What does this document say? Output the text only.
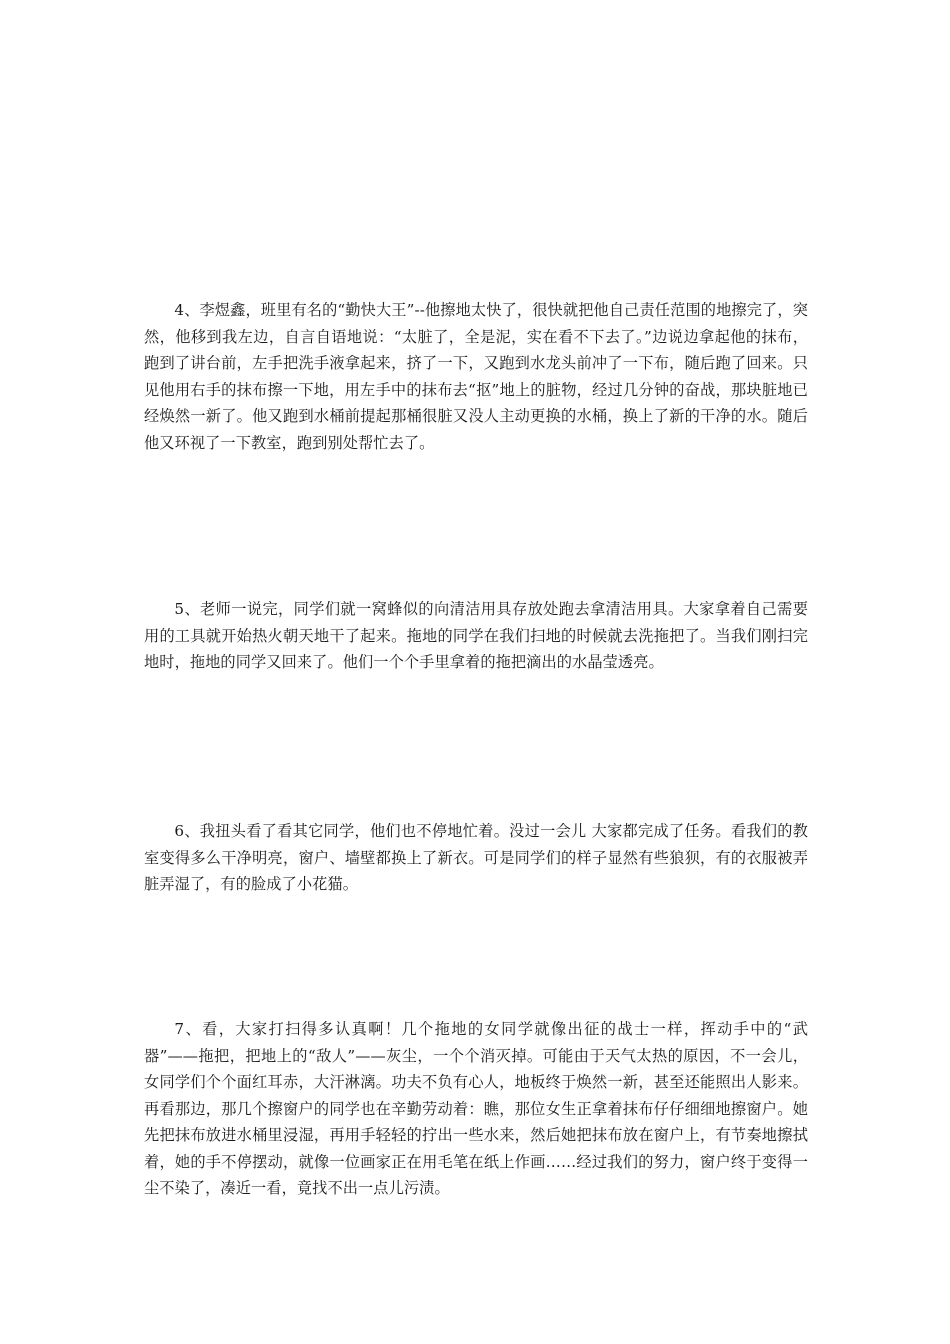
4、李煜鑫，班里有名的“勤快大王”--他擦地太快了，很快就把他自己责任范围的地擦完了，突然，他移到我左边，自言自语地说：“太脏了，全是泥，实在看不下去了。”边说边拿起他的抹布，跑到了讲台前，左手把洗手液拿起来，挤了一下，又跑到水龙头前冲了一下布，随后跑了回来。只见他用右手的抹布擦一下地，用左手中的抹布去“抠”地上的脏物，经过几分钟的奋战，那块脏地已经焕然一新了。他又跑到水桶前提起那桶很脏又没人主动更换的水桶，换上了新的干净的水。随后他又环视了一下教室，跑到别处帮忙去了。

5、老师一说完，同学们就一窝蜂似的向清洁用具存放处跑去拿清洁用具。大家拿着自己需要用的工具就开始热火朝天地干了起来。拖地的同学在我们扫地的时候就去洗拖把了。当我们刚扫完地时，拖地的同学又回来了。他们一个个手里拿着的拖把滴出的水晶莹透亮。

6、我扭头看了看其它同学，他们也不停地忙着。没过一会儿 大家都完成了任务。看我们的教室变得多么干净明亮，窗户、墙壁都换上了新衣。可是同学们的样子显然有些狼狈，有的衣服被弄脏弄湿了，有的脸成了小花猫。

7、看，大家打扫得多认真啊！几个拖地的女同学就像出征的战士一样，挥动手中的“武器”——拖把，把地上的“敌人”——灰尘，一个个消灭掉。可能由于天气太热的原因，不一会儿，女同学们个个面红耳赤，大汗淋漓。功夫不负有心人，地板终于焕然一新，甚至还能照出人影来。再看那边，那几个擦窗户的同学也在辛勤劳动着：瞧，那位女生正拿着抹布仔仔细细地擦窗户。她先把抹布放进水桶里浸湿，再用手轻轻的拧出一些水来，然后她把抹布放在窗户上，有节奏地擦拭着，她的手不停摆动，就像一位画家正在用毛笔在纸上作画……经过我们的努力，窗户终于变得一尘不染了，凑近一看，竟找不出一点儿污渍。
